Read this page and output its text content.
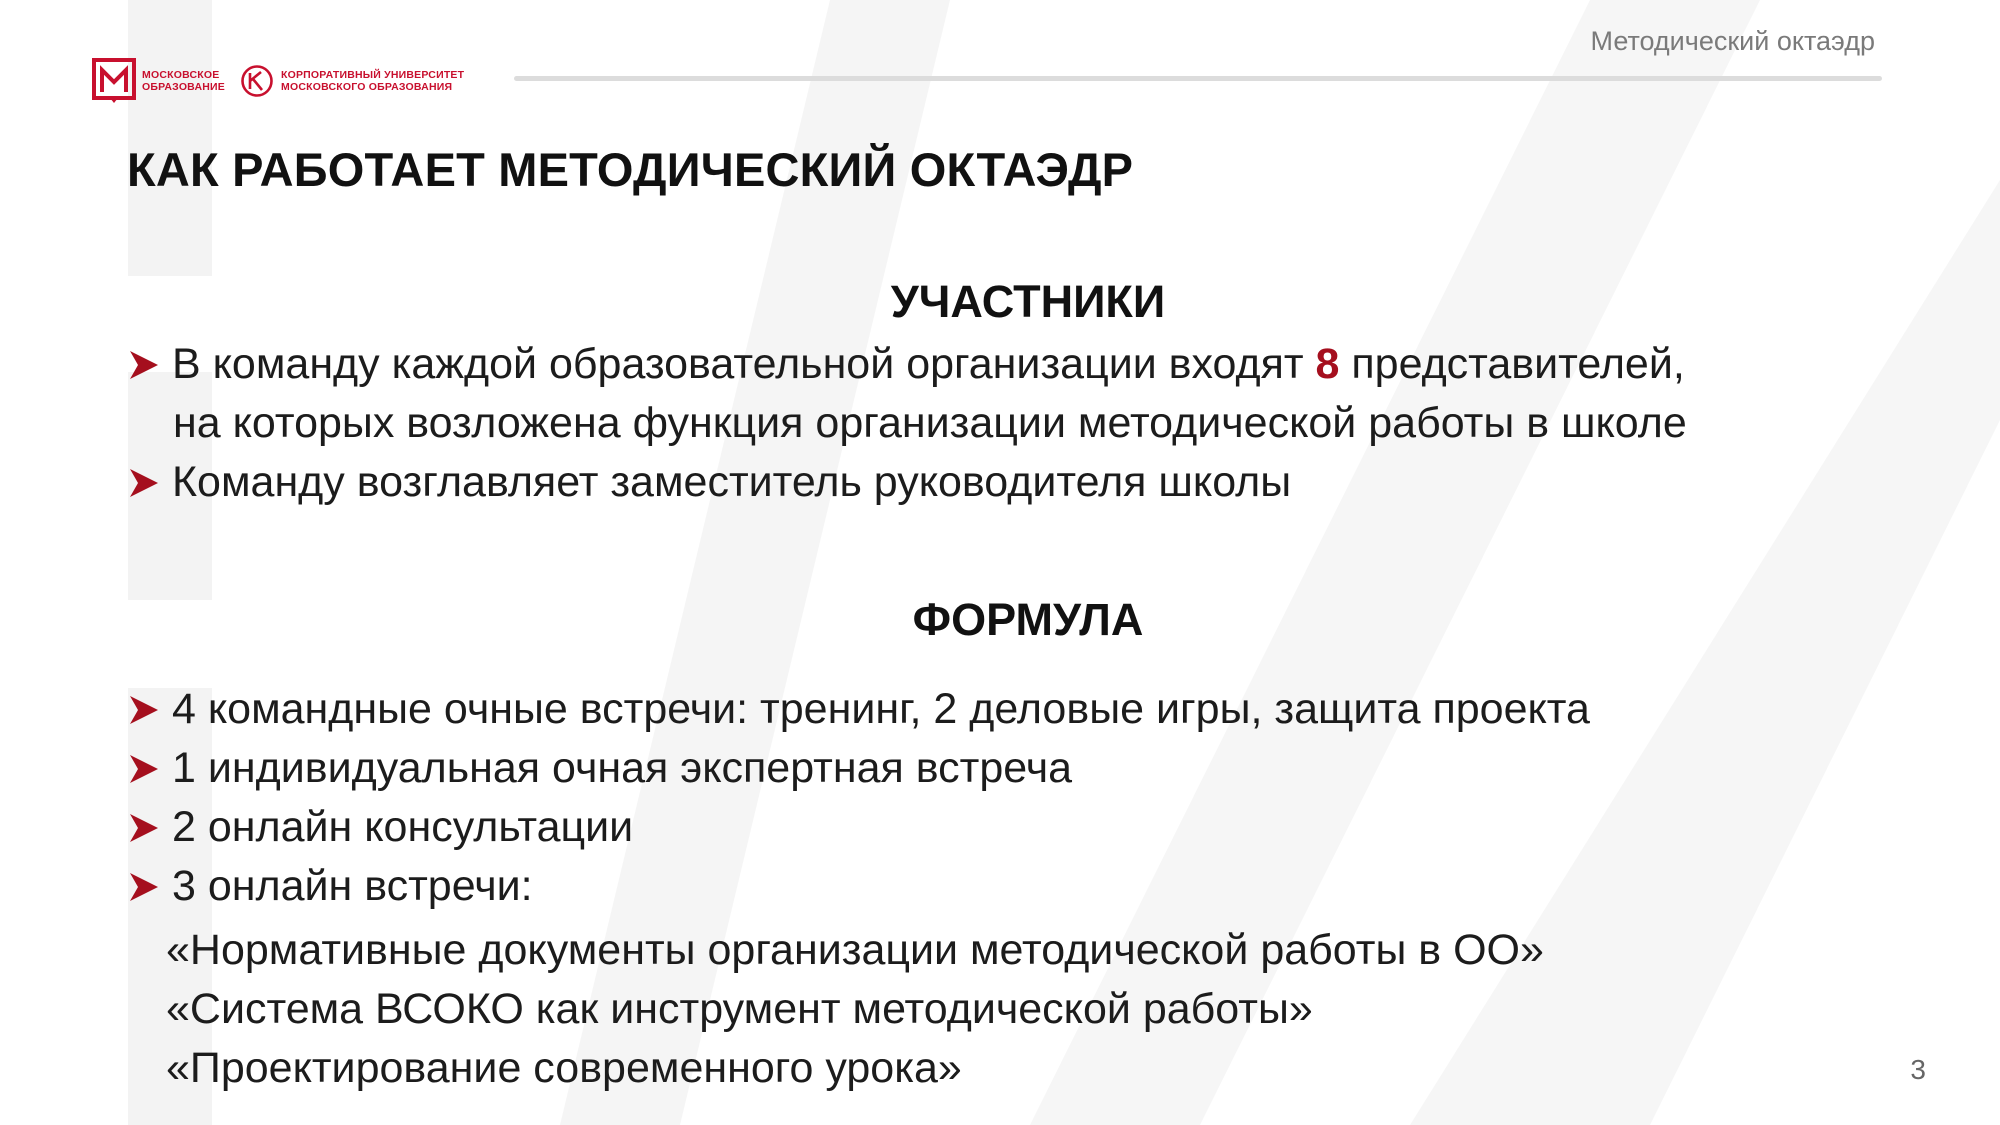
МОСКОВСКОЕ
ОБРАЗОВАНИЕ
КОРПОРАТИВНЫЙ УНИВЕРСИТЕТ
МОСКОВСКОГО ОБРАЗОВАНИЯ
Методический октаэдр
КАК РАБОТАЕТ МЕТОДИЧЕСКИЙ ОКТАЭДР
УЧАСТНИКИ
В команду каждой образовательной организации входят 8 представителей,
на которых возложена функция организации методической работы в школе
Команду возглавляет заместитель руководителя школы
ФОРМУЛА
4 командные очные встречи: тренинг, 2 деловые игры, защита проекта
1 индивидуальная очная экспертная встреча
2 онлайн консультации
3 онлайн встречи:
«Нормативные документы организации методической работы в ОО»
«Система ВСОКО как инструмент методической работы»
«Проектирование современного урока»	3
